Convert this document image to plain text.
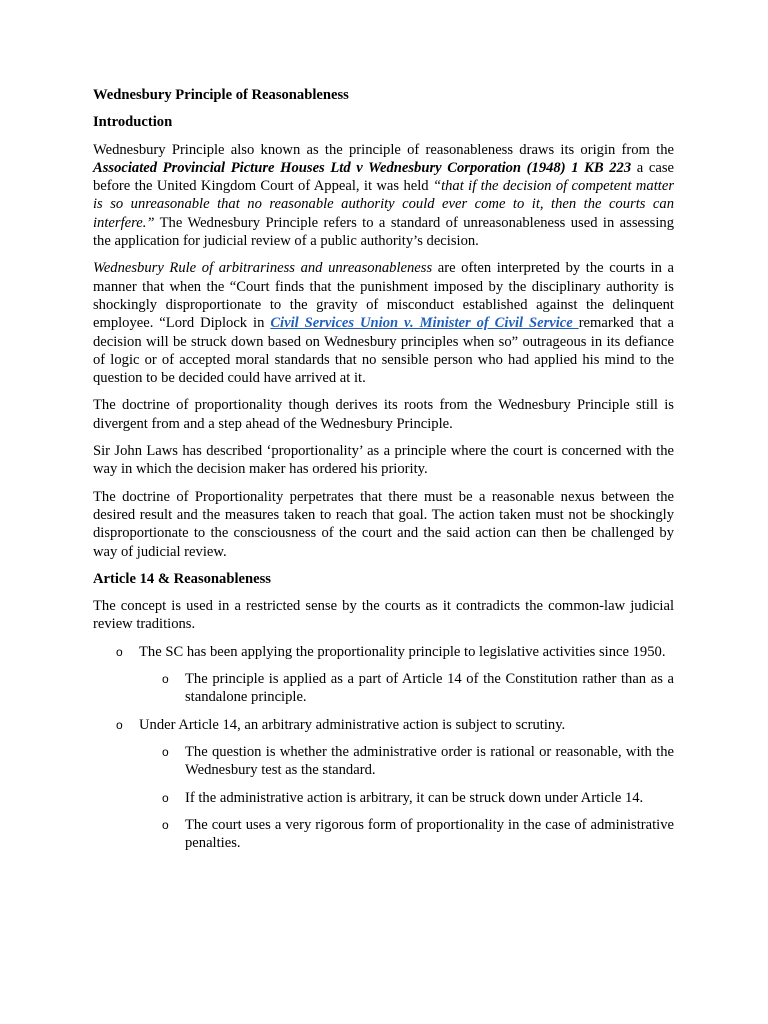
Wednesbury Principle of Reasonableness
Introduction

Wednesbury Principle also known as the principle of reasonableness draws its origin from the Associated Provincial Picture Houses Ltd v Wednesbury Corporation (1948) 1 KB 223 a case before the United Kingdom Court of Appeal, it was held “that if the decision of competent matter is so unreasonable that no reasonable authority could ever come to it, then the courts can interfere.” The Wednesbury Principle refers to a standard of unreasonableness used in assessing the application for judicial review of a public authority’s decision.

Wednesbury Rule of arbitrariness and unreasonableness are often interpreted by the courts in a manner that when the “Court finds that the punishment imposed by the disciplinary authority is shockingly disproportionate to the gravity of misconduct established against the delinquent employee. “Lord Diplock in Civil Services Union v. Minister of Civil Service remarked that a decision will be struck down based on Wednesbury principles when so” outrageous in its defiance of logic or of accepted moral standards that no sensible person who had applied his mind to the question to be decided could have arrived at it.

The doctrine of proportionality though derives its roots from the Wednesbury Principle still is divergent from and a step ahead of the Wednesbury Principle.

Sir John Laws has described ‘proportionality’ as a principle where the court is concerned with the way in which the decision maker has ordered his priority.

The doctrine of Proportionality perpetrates that there must be a reasonable nexus between the desired result and the measures taken to reach that goal. The action taken must not be shockingly disproportionate to the consciousness of the court and the said action can then be challenged by way of judicial review.

Article 14 & Reasonableness

The concept is used in a restricted sense by the courts as it contradicts the common-law judicial review traditions.

o The SC has been applying the proportionality principle to legislative activities since 1950.
o The principle is applied as a part of Article 14 of the Constitution rather than as a standalone principle.
o Under Article 14, an arbitrary administrative action is subject to scrutiny.
o The question is whether the administrative order is rational or reasonable, with the Wednesbury test as the standard.
o If the administrative action is arbitrary, it can be struck down under Article 14.
o The court uses a very rigorous form of proportionality in the case of administrative penalties.
